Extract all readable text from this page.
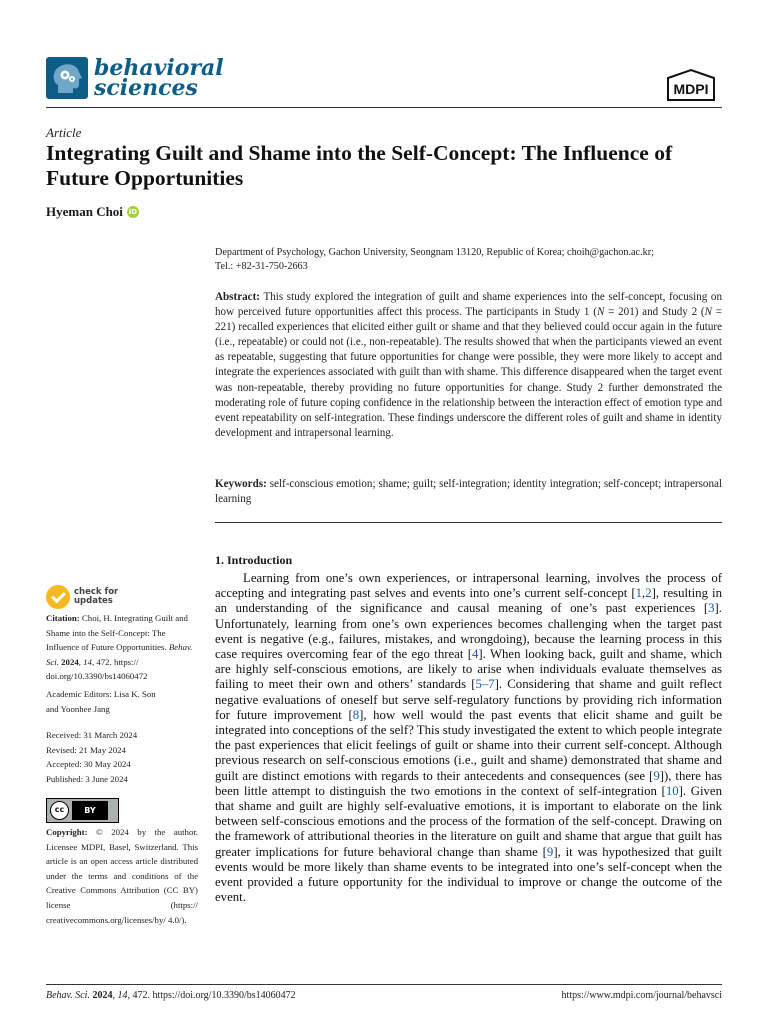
behavioral
sciences	MDPI
Article
Integrating Guilt and Shame into the Self-Concept: The Influence of Future Opportunities
Hyeman Choi iD
Department of Psychology, Gachon University, Seongnam 13120, Republic of Korea; choih@gachon.ac.kr;
Tel.: +82-31-750-2663
Abstract: This study explored the integration of guilt and shame experiences into the self-concept, focusing on how perceived future opportunities affect this process. The participants in Study 1 (N = 201) and Study 2 (N = 221) recalled experiences that elicited either guilt or shame and that they believed could occur again in the future (i.e., repeatable) or could not (i.e., non-repeatable). The results showed that when the participants viewed an event as repeatable, suggesting that future opportunities for change were possible, they were more likely to accept and integrate the experiences associated with guilt than with shame. This difference disappeared when the target event was non-repeatable, thereby providing no future opportunities for change. Study 2 further demonstrated the moderating role of future coping confidence in the relationship between the interaction effect of emotion type and event repeatability on self-integration. These findings underscore the different roles of guilt and shame in identity development and intrapersonal learning.
Keywords: self-conscious emotion; shame; guilt; self-integration; identity integration; self-concept; intrapersonal learning
check for
updates
Citation: Choi, H. Integrating Guilt and Shame into the Self-Concept: The Influence of Future Opportunities. Behav. Sci. 2024, 14, 472. https:// doi.org/10.3390/bs14060472
Academic Editors: Lisa K. Son
and Yoonhee Jang
Received: 31 March 2024
Revised: 21 May 2024
Accepted: 30 May 2024
Published: 3 June 2024
cc	BY
Copyright: © 2024 by the author. Licensee MDPI, Basel, Switzerland. This article is an open access article distributed under the terms and conditions of the Creative Commons Attribution (CC BY) license (https:// creativecommons.org/licenses/by/ 4.0/).
1. Introduction
Learning from one’s own experiences, or intrapersonal learning, involves the process of accepting and integrating past selves and events into one’s current self-concept [1,2], resulting in an understanding of the significance and causal meaning of one’s past experiences [3]. Unfortunately, learning from one’s own experiences becomes challenging when the target past event is negative (e.g., failures, mistakes, and wrongdoing), because the learning process in this case requires overcoming fear of the ego threat [4]. When looking back, guilt and shame, which are highly self-conscious emotions, are likely to arise when individuals evaluate themselves as failing to meet their own and others’ standards [5–7]. Considering that shame and guilt reflect negative evaluations of oneself but serve self-regulatory functions by providing rich information for future improvement [8], how well would the past events that elicit shame and guilt be integrated into conceptions of the self? This study investigated the extent to which people integrate the past experiences that elicit feelings of guilt or shame into their current self-concept. Although previous research on self-conscious emotions (i.e., guilt and shame) demonstrated that shame and guilt are distinct emotions with regards to their antecedents and consequences (see [9]), there has been little attempt to distinguish the two emotions in the context of self-integration [10]. Given that shame and guilt are highly self-evaluative emotions, it is important to elaborate on the link between self-conscious emotions and the process of the formation of the self-concept. Drawing on the framework of attributional theories in the literature on guilt and shame that argue that guilt has greater implications for future behavioral change than shame [9], it was hypothesized that guilt events would be more likely than shame events to be integrated into one’s self-concept when the event provided a future opportunity for the individual to improve or change the outcome of the event.
Behav. Sci. 2024, 14, 472. https://doi.org/10.3390/bs14060472	https://www.mdpi.com/journal/behavsci
